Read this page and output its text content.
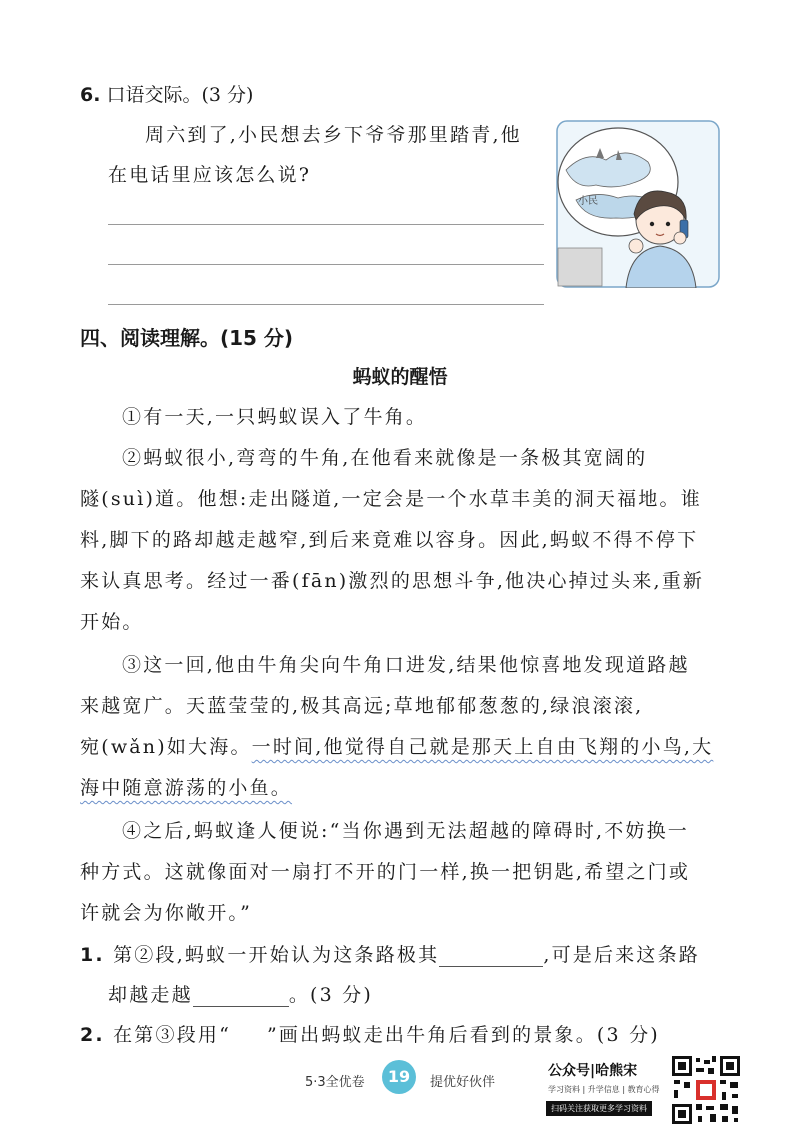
6. 口语交际。(3 分)
周六到了,小民想去乡下爷爷那里踏青,他
在电话里应该怎么说?
小民
四、阅读理解。(15 分)
蚂蚁的醒悟
①有一天,一只蚂蚁误入了牛角。
②蚂蚁很小,弯弯的牛角,在他看来就像是一条极其宽阔的
隧(suì)道。他想:走出隧道,一定会是一个水草丰美的洞天福地。谁
料,脚下的路却越走越窄,到后来竟难以容身。因此,蚂蚁不得不停下
来认真思考。经过一番(fān)激烈的思想斗争,他决心掉过头来,重新
开始。
③这一回,他由牛角尖向牛角口进发,结果他惊喜地发现道路越
来越宽广。天蓝莹莹的,极其高远;草地郁郁葱葱的,绿浪滚滚,
宛(wǎn)如大海。一时间,他觉得自己就是那天上自由飞翔的小鸟,大
海中随意游荡的小鱼。
④之后,蚂蚁逢人便说:“当你遇到无法超越的障碍时,不妨换一
种方式。这就像面对一扇打不开的门一样,换一把钥匙,希望之门或
许就会为你敞开。”
1. 第②段,蚂蚁一开始认为这条路极其	,可是后来这条路
却越走越	。(3 分)
2. 在第③段用“ ”画出蚂蚁走出牛角后看到的景象。(3 分)
5·3全优卷	19	提优好伙伴
公众号|哈熊宋
学习资料 | 升学信息 | 教育心得
扫码关注获取更多学习资料
